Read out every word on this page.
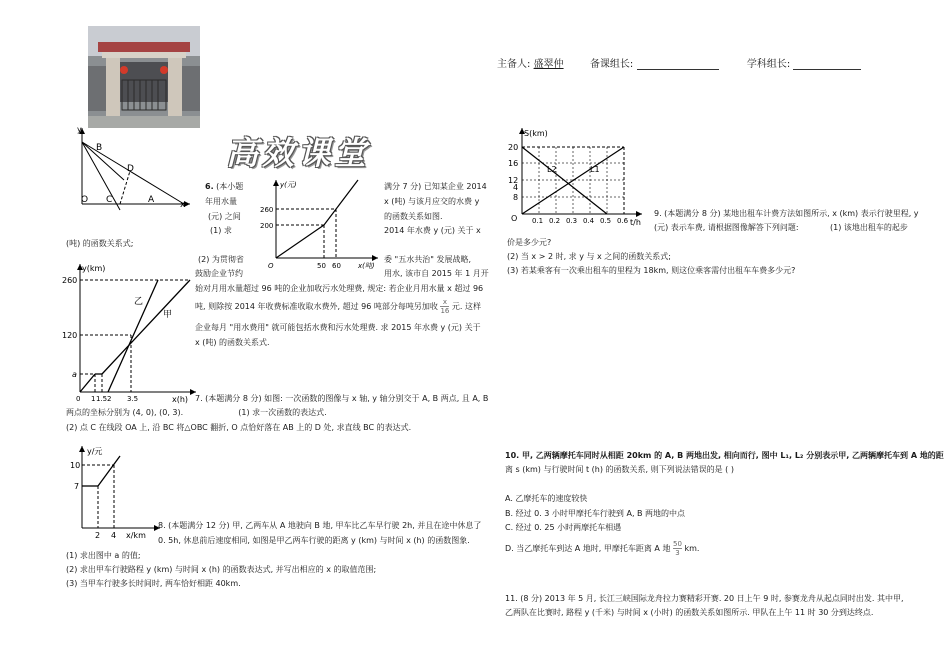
主备人: 盛翠仲	备课组长:	学科组长:
高效课堂
B
D
O C	A	x
y
y(km)
x(h)
260
120
a
0 1 1.5 2 3.5
乙
甲
y(元)
x(吨)
260
200
O	50 60
y/元
x/km
10
7
2 4
S(km)
t/h
20
16
12
8
4
O 0.1 0.2 0.3 0.4 0.5 0.6
L2	L1
6. (本小题	满分 7 分) 已知某企业 2014
年用水量	x (吨) 与该月应交的水费 y
(元) 之间	的函数关系如图.
(1) 求	2014 年水费 y (元) 关于 x
(吨) 的函数关系式;
(2) 为贯彻省	委 "五水共治" 发展战略,
鼓励企业节约	用水, 该市自 2015 年 1 月开
始对月用水量超过 96 吨的企业加收污水处理费, 规定: 若企业月用水量 x 超过 96
吨, 则除按 2014 年收费标准收取水费外, 超过 96 吨部分每吨另加收 $\frac{x}{16}$ 元. 这样
企业每月 "用水费用" 就可能包括水费和污水处理费. 求 2015 年水费 y (元) 关于
x (吨) 的函数关系式.
7. (本题满分 8 分) 如图: 一次函数的图像与 x 轴, y 轴分别交于 A, B 两点, 且 A, B
两点的坐标分别为 (4, 0), (0, 3).	(1) 求一次函数的表达式.
(2) 点 C 在线段 OA 上, 沿 BC 将△OBC 翻折, O 点恰好落在 AB 上的 D 处, 求直线 BC 的表达式.
8. (本题满分 12 分) 甲, 乙两车从 A 地驶向 B 地, 甲车比乙车早行驶 2h, 并且在途中休息了
0. 5h, 休息前后速度相同, 如图是甲乙两车行驶的距离 y (km) 与时间 x (h) 的函数图象.
(1) 求出图中 a 的值;
(2) 求出甲车行驶路程 y (km) 与时间 x (h) 的函数表达式, 并写出相应的 x 的取值范围;
(3) 当甲车行驶多长时间时, 两车恰好相距 40km.
9. (本题满分 8 分) 某地出租车计费方法如图所示, x (km) 表示行驶里程, y
(元) 表示车费, 请根据图像解答下列问题:	(1) 该地出租车的起步
价是多少元?
(2) 当 x > 2 时, 求 y 与 x 之间的函数关系式;
(3) 若某乘客有一次乘出租车的里程为 18km, 则这位乘客需付出租车车费多少元?
10. 甲, 乙两辆摩托车同时从相距 20km 的 A, B 两地出发, 相向而行, 图中 L₁, L₂ 分别表示甲, 乙两辆摩托车到 A 地的距
离 s (km) 与行驶时间 t (h) 的函数关系, 则下列说法错误的是 ( )
A. 乙摩托车的速度较快
B. 经过 0. 3 小时甲摩托车行驶到 A, B 两地的中点
C. 经过 0. 25 小时两摩托车相遇
D. 当乙摩托车到达 A 地时, 甲摩托车距离 A 地 $\frac{50}{3}$ km.
11. (8 分) 2013 年 5 月, 长江三峡国际龙舟拉力赛精彩开赛. 20 日上午 9 时, 参赛龙舟从起点同时出发. 其中甲,
乙两队在比赛时, 路程 y (千米) 与时间 x (小时) 的函数关系如图所示. 甲队在上午 11 时 30 分到达终点.
